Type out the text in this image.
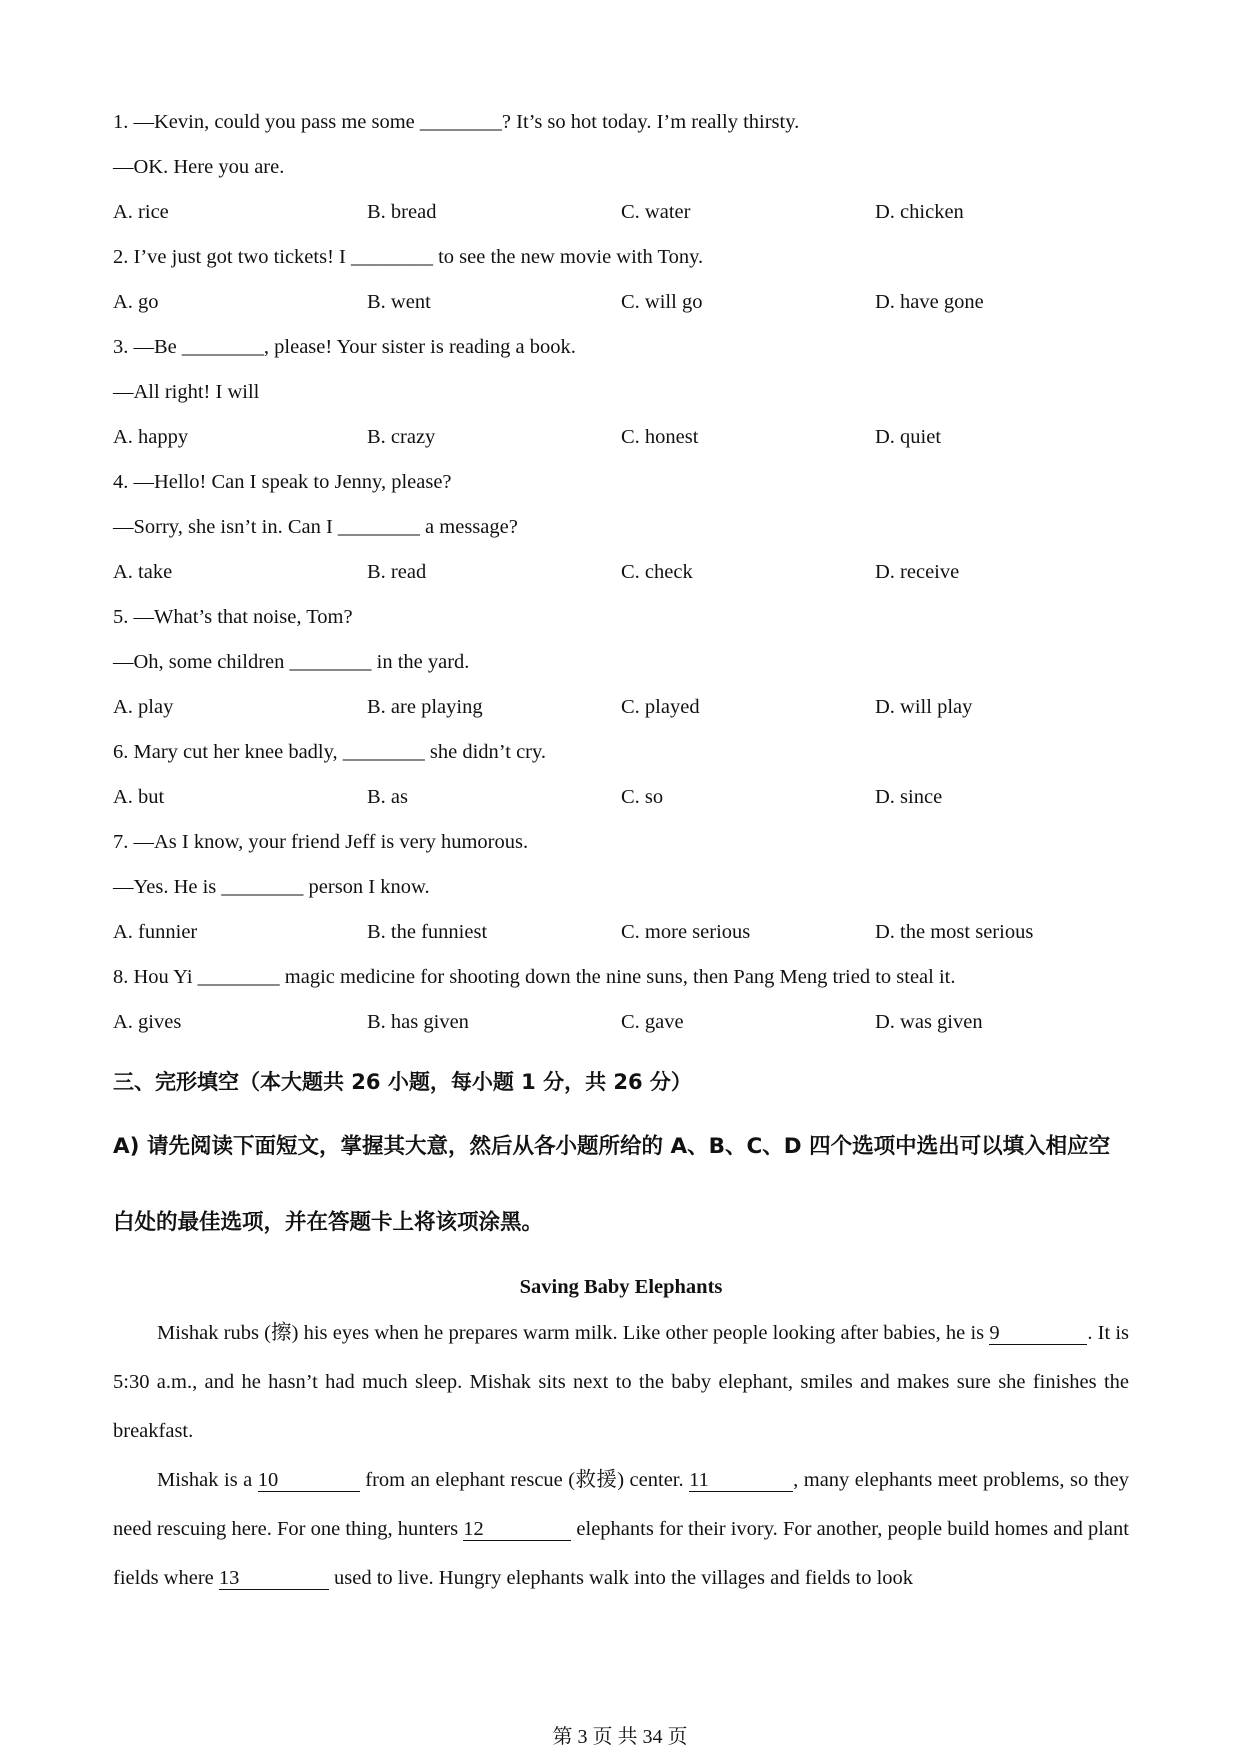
1. —Kevin, could you pass me some ________? It’s so hot today. I’m really thirsty.
—OK. Here you are.
A. rice	B. bread	C. water	D. chicken
2. I’ve just got two tickets! I ________ to see the new movie with Tony.
A. go	B. went	C. will go	D. have gone
3. —Be ________, please! Your sister is reading a book.
—All right! I will
A. happy	B. crazy	C. honest	D. quiet
4. —Hello! Can I speak to Jenny, please?
—Sorry, she isn’t in. Can I ________ a message?
A. take	B. read	C. check	D. receive
5. —What’s that noise, Tom?
—Oh, some children ________ in the yard.
A. play	B. are playing	C. played	D. will play
6. Mary cut her knee badly, ________ she didn’t cry.
A. but	B. as	C. so	D. since
7. —As I know, your friend Jeff is very humorous.
—Yes. He is ________ person I know.
A. funnier	B. the funniest	C. more serious	D. the most serious
8. Hou Yi ________ magic medicine for shooting down the nine suns, then Pang Meng tried to steal it.
A. gives	B. has given	C. gave	D. was given
三、完形填空（本大题共 26 小题，每小题 1 分，共 26 分）
A) 请先阅读下面短文，掌握其大意，然后从各小题所给的 A、B、C、D 四个选项中选出可以填入相应空白处的最佳选项，并在答题卡上将该项涂黑。
Saving Baby Elephants
Mishak rubs (擦) his eyes when he prepares warm milk. Like other people looking after babies, he is 9	. It is 5:30 a.m., and he hasn’t had much sleep. Mishak sits next to the baby elephant, smiles and makes sure she finishes the breakfast.
Mishak is a 10	from an elephant rescue (救援) center. 11	, many elephants meet problems, so they need rescuing here. For one thing, hunters 12	elephants for their ivory. For another, people build homes and plant fields where 13	used to live. Hungry elephants walk into the villages and fields to look
第 3 页 共 34 页
